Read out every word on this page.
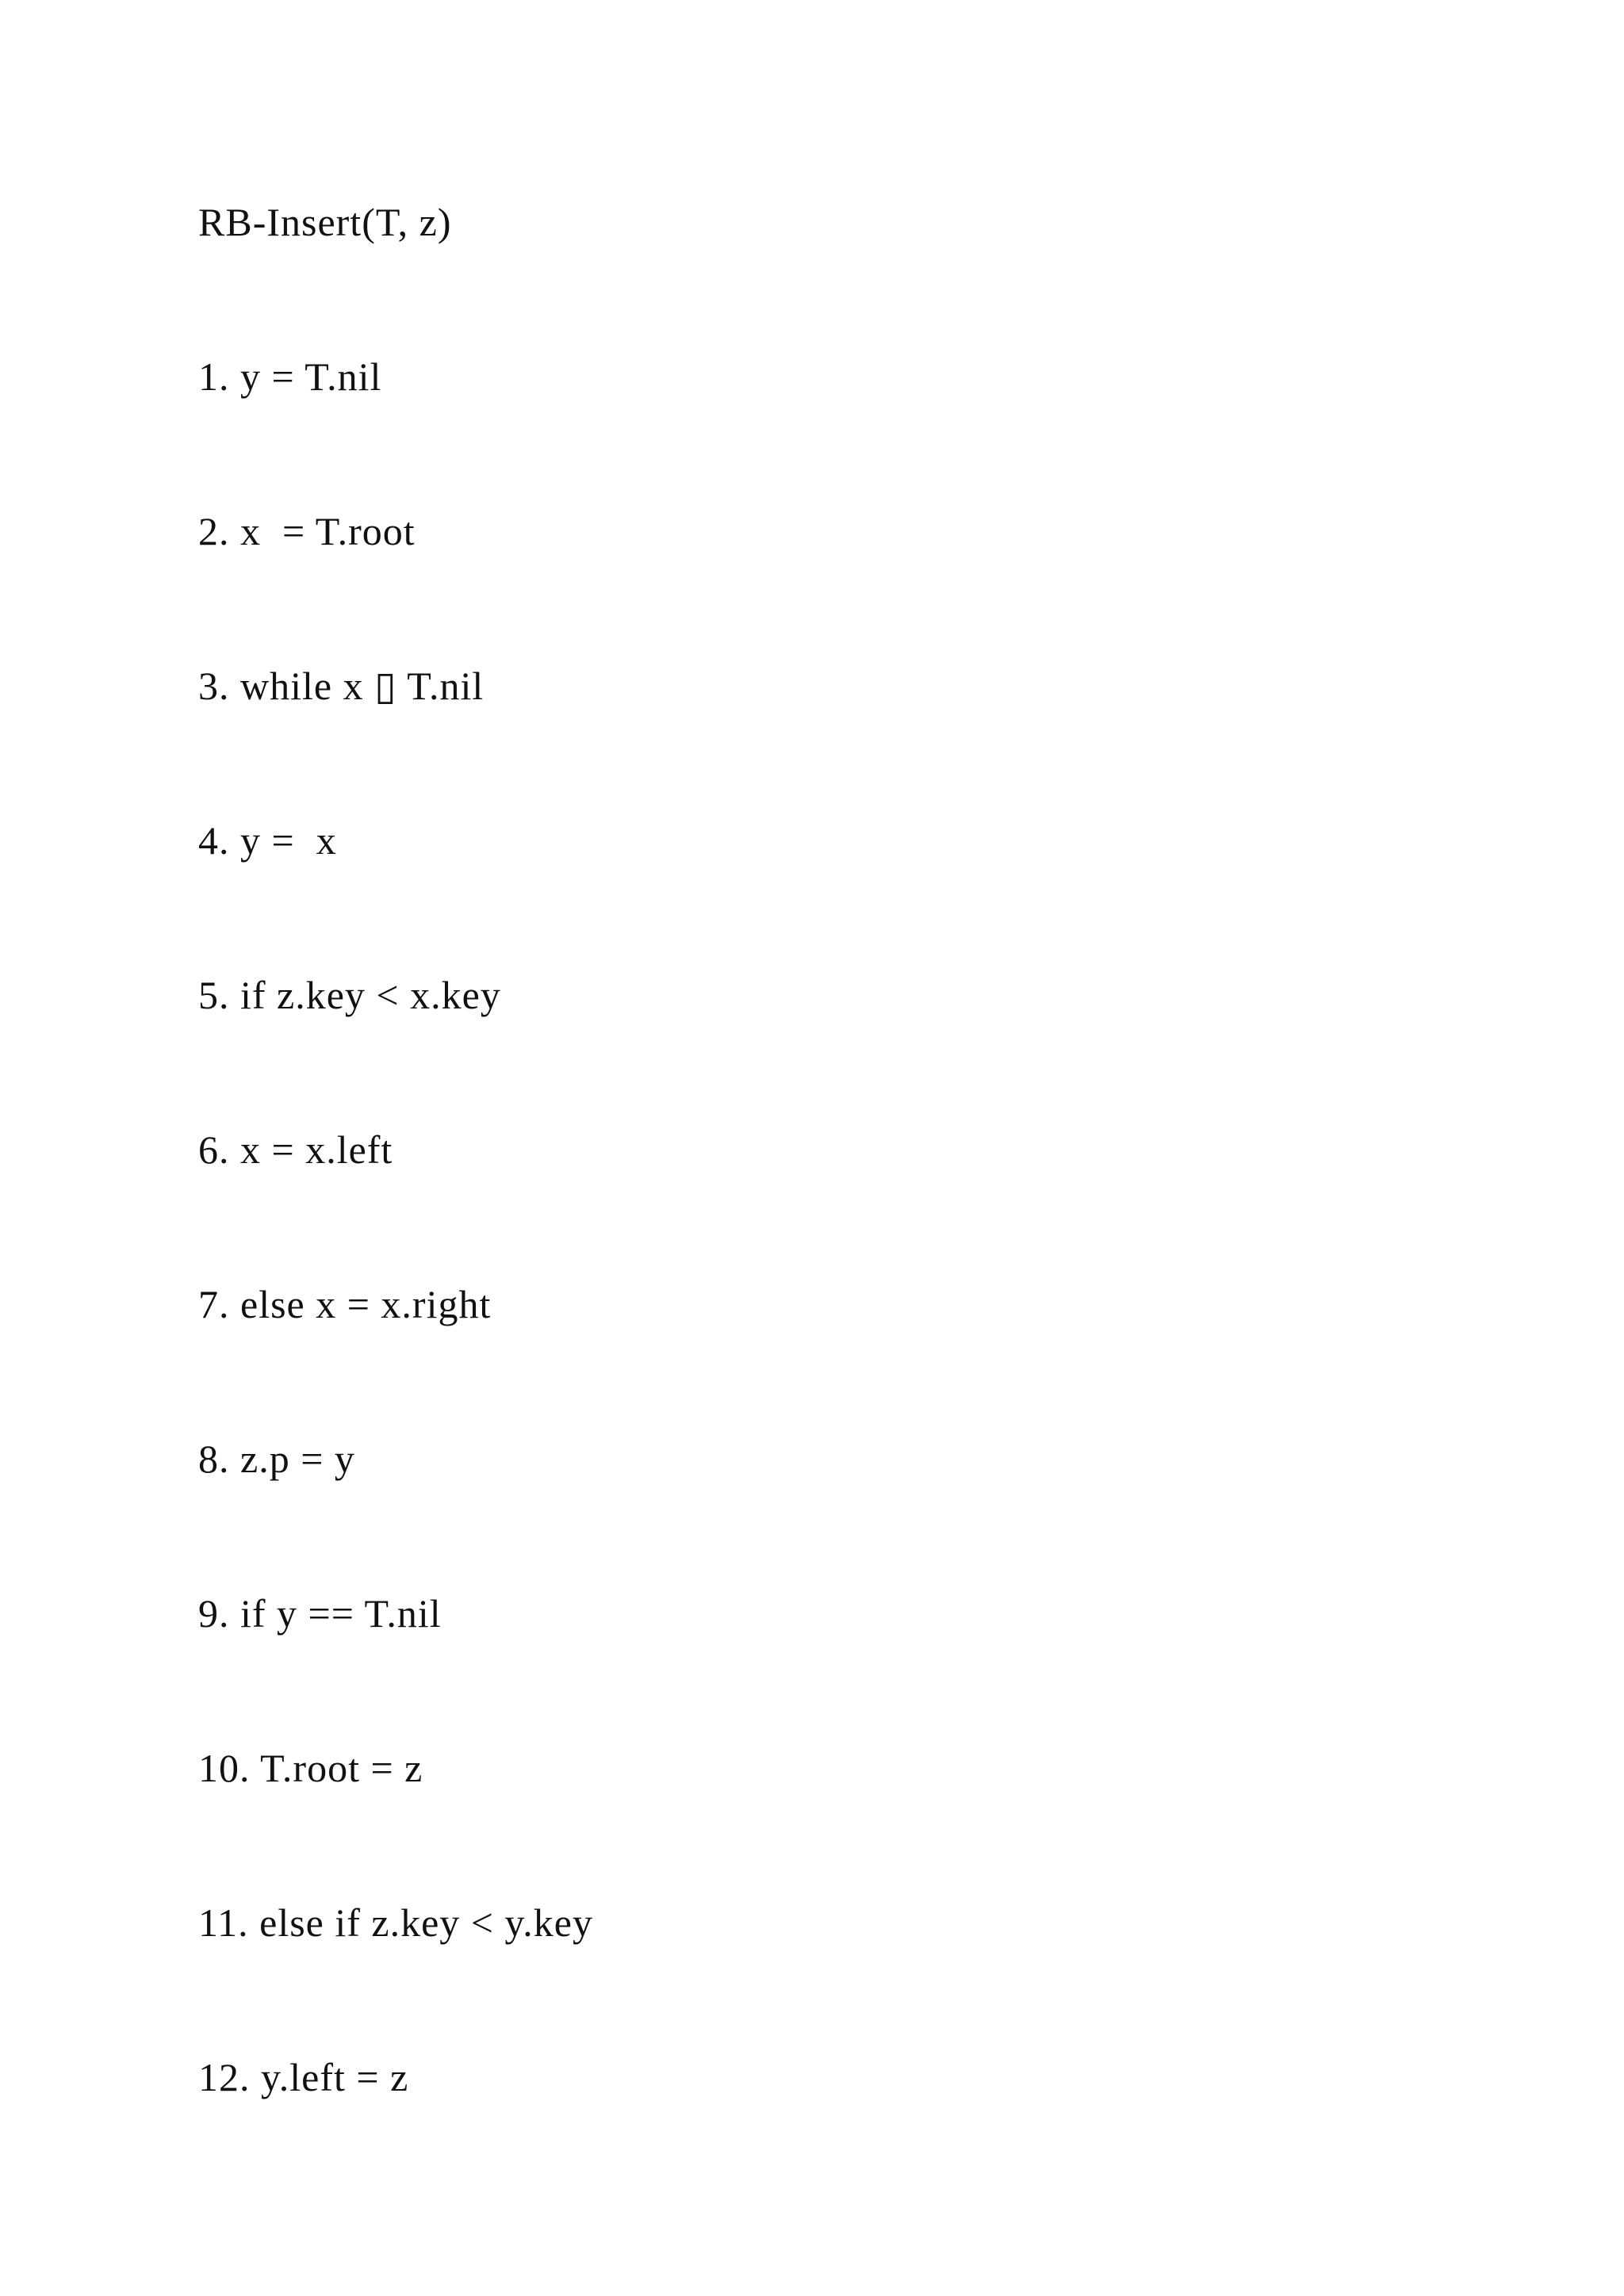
RB-Insert(T, z)

1. y = T.nil

2. x  = T.root

3. while x ▯ T.nil

4. y =  x

5. if z.key < x.key

6. x = x.left

7. else x = x.right

8. z.p = y

9. if y == T.nil

10. T.root = z

11. else if z.key < y.key

12. y.left = z
